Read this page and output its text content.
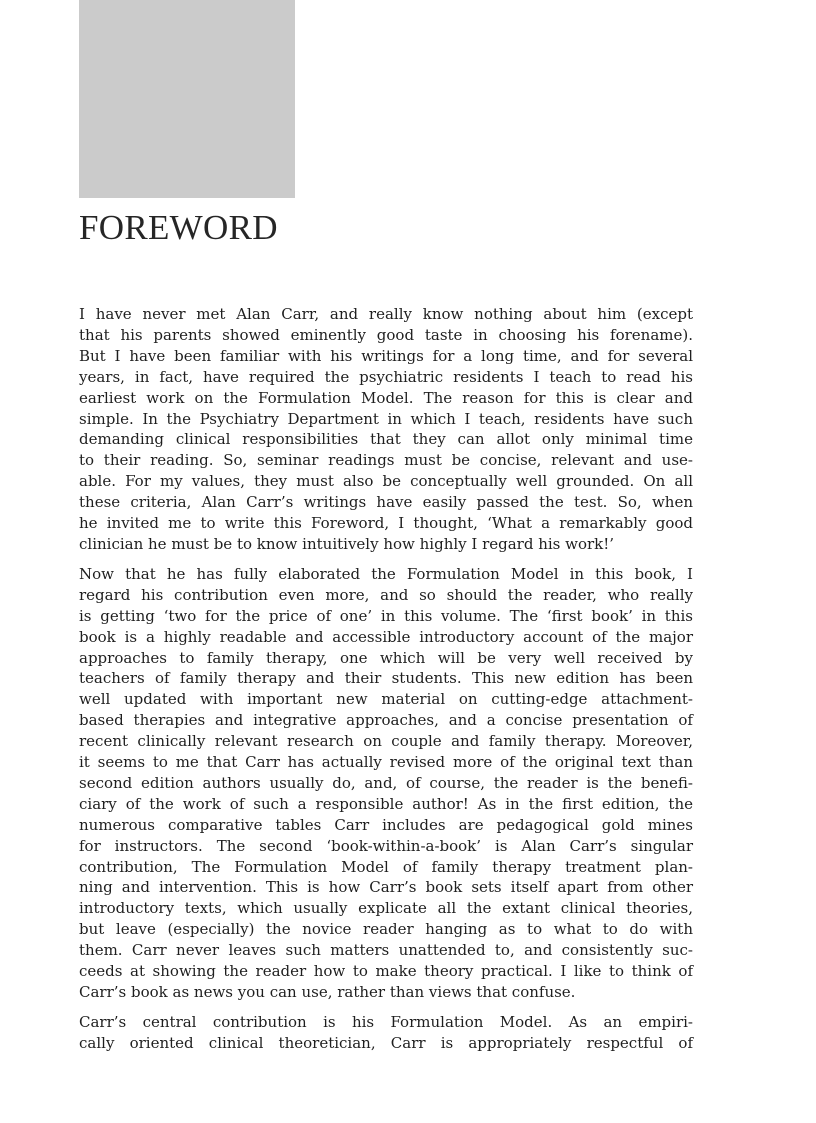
FOREWORD

I have never met Alan Carr, and really know nothing about him (except
that his parents showed eminently good taste in choosing his forename).
But I have been familiar with his writings for a long time, and for several
years, in fact, have required the psychiatric residents I teach to read his
earliest work on the Formulation Model. The reason for this is clear and
simple. In the Psychiatry Department in which I teach, residents have such
demanding clinical responsibilities that they can allot only minimal time
to their reading. So, seminar readings must be concise, relevant and use-
able. For my values, they must also be conceptually well grounded. On all
these criteria, Alan Carr’s writings have easily passed the test. So, when
he invited me to write this Foreword, I thought, ‘What a remarkably good
clinician he must be to know intuitively how highly I regard his work!’

Now that he has fully elaborated the Formulation Model in this book, I
regard his contribution even more, and so should the reader, who really
is getting ‘two for the price of one’ in this volume. The ‘first book’ in this
book is a highly readable and accessible introductory account of the major
approaches to family therapy, one which will be very well received by
teachers of family therapy and their students. This new edition has been
well updated with important new material on cutting-edge attachment-
based therapies and integrative approaches, and a concise presentation of
recent clinically relevant research on couple and family therapy. Moreover,
it seems to me that Carr has actually revised more of the original text than
second edition authors usually do, and, of course, the reader is the benefi-
ciary of the work of such a responsible author! As in the first edition, the
numerous comparative tables Carr includes are pedagogical gold mines
for instructors. The second ‘book-within-a-book’ is Alan Carr’s singular
contribution, The Formulation Model of family therapy treatment plan-
ning and intervention. This is how Carr’s book sets itself apart from other
introductory texts, which usually explicate all the extant clinical theories,
but leave (especially) the novice reader hanging as to what to do with
them. Carr never leaves such matters unattended to, and consistently suc-
ceeds at showing the reader how to make theory practical. I like to think of
Carr’s book as news you can use, rather than views that confuse.

Carr’s central contribution is his Formulation Model. As an empiri-
cally oriented clinical theoretician, Carr is appropriately respectful of
